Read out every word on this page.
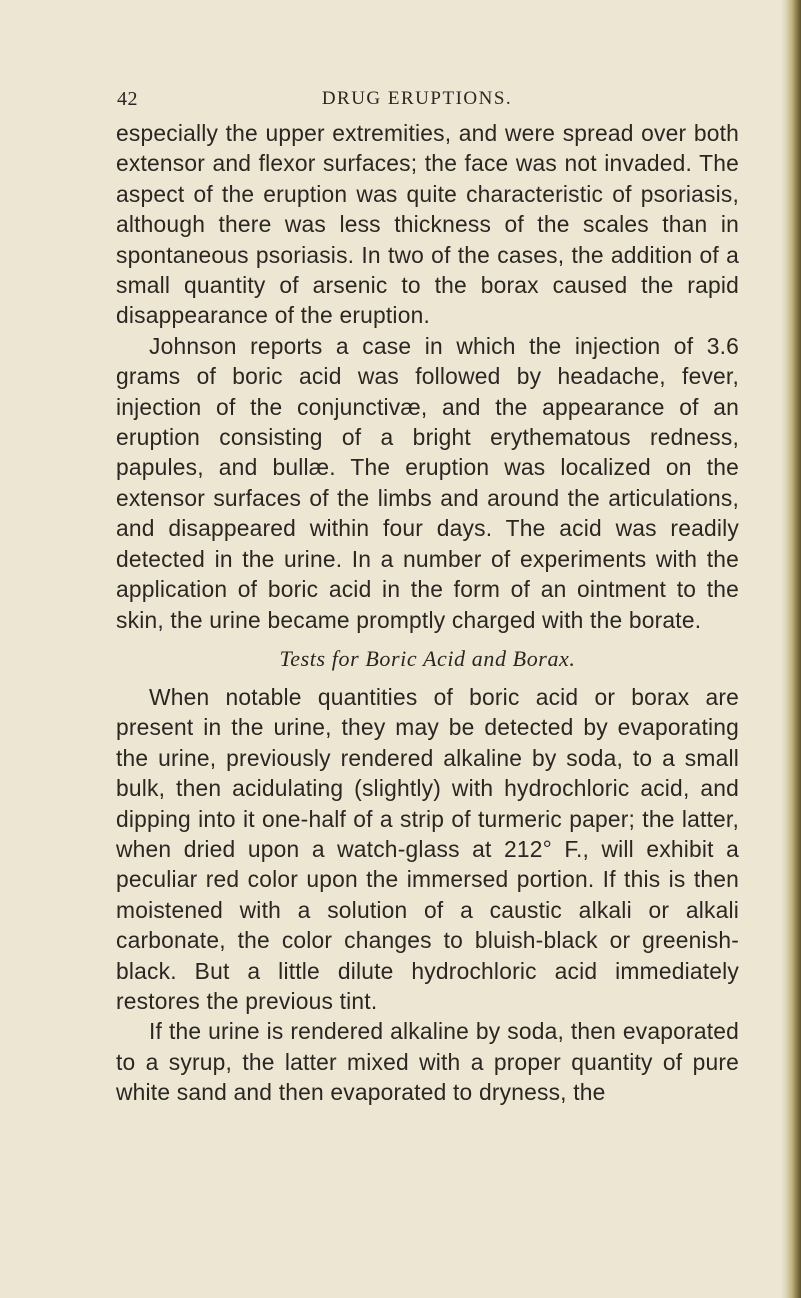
42	DRUG ERUPTIONS.

especially the upper extremities, and were spread over both extensor and flexor surfaces; the face was not invaded. The aspect of the eruption was quite characteristic of psoriasis, although there was less thickness of the scales than in spontaneous psoriasis. In two of the cases, the addition of a small quantity of arsenic to the borax caused the rapid disappearance of the eruption.

Johnson reports a case in which the injection of 3.6 grams of boric acid was followed by headache, fever, injection of the conjunctivæ, and the appearance of an eruption consisting of a bright erythematous redness, papules, and bullæ. The eruption was localized on the extensor surfaces of the limbs and around the articulations, and disappeared within four days. The acid was readily detected in the urine. In a number of experiments with the application of boric acid in the form of an ointment to the skin, the urine became promptly charged with the borate.

Tests for Boric Acid and Borax.

When notable quantities of boric acid or borax are present in the urine, they may be detected by evaporating the urine, previously rendered alkaline by soda, to a small bulk, then acidulating (slightly) with hydrochloric acid, and dipping into it one-half of a strip of turmeric paper; the latter, when dried upon a watch-glass at 212° F., will exhibit a peculiar red color upon the immersed portion. If this is then moistened with a solution of a caustic alkali or alkali carbonate, the color changes to bluish-black or greenish-black. But a little dilute hydrochloric acid immediately restores the previous tint.

If the urine is rendered alkaline by soda, then evaporated to a syrup, the latter mixed with a proper quantity of pure white sand and then evaporated to dryness, the
